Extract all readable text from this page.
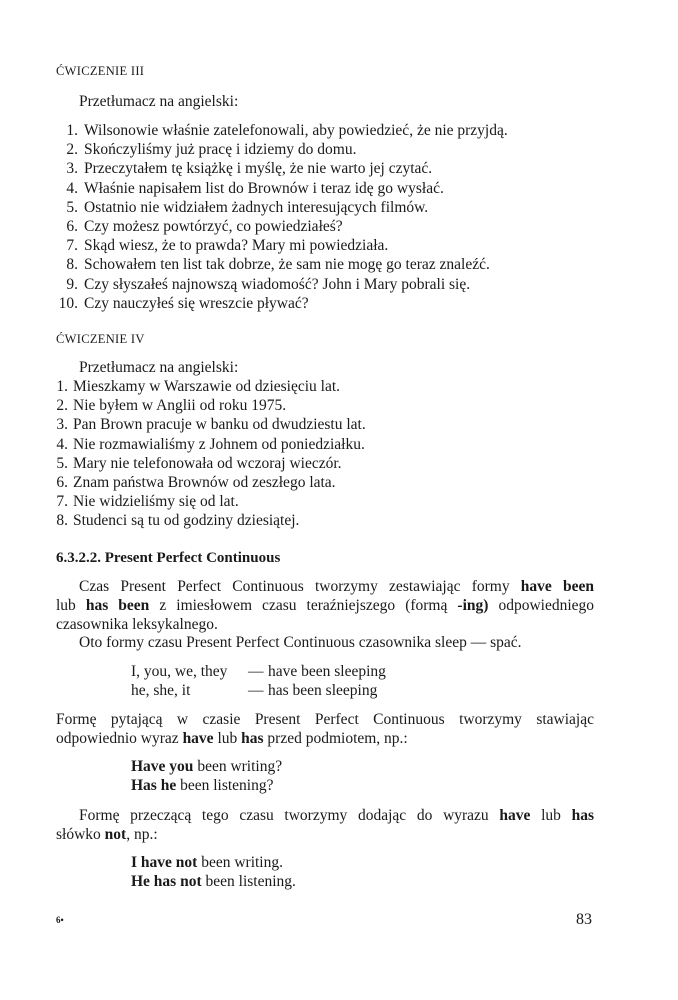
ĆWICZENIE III
Przetłumacz na angielski:
1. Wilsonowie właśnie zatelefonowali, aby powiedzieć, że nie przyjdą.
2. Skończyliśmy już pracę i idziemy do domu.
3. Przeczytałem tę książkę i myślę, że nie warto jej czytać.
4. Właśnie napisałem list do Brownów i teraz idę go wysłać.
5. Ostatnio nie widziałem żadnych interesujących filmów.
6. Czy możesz powtórzyć, co powiedziałeś?
7. Skąd wiesz, że to prawda? Mary mi powiedziała.
8. Schowałem ten list tak dobrze, że sam nie mogę go teraz znaleźć.
9. Czy słyszałeś najnowszą wiadomość? John i Mary pobrali się.
10. Czy nauczyłeś się wreszcie pływać?
ĆWICZENIE IV
Przetłumacz na angielski:
1. Mieszkamy w Warszawie od dziesięciu lat.
2. Nie byłem w Anglii od roku 1975.
3. Pan Brown pracuje w banku od dwudziestu lat.
4. Nie rozmawialiśmy z Johnem od poniedziałku.
5. Mary nie telefonowała od wczoraj wieczór.
6. Znam państwa Brownów od zeszłego lata.
7. Nie widzieliśmy się od lat.
8. Studenci są tu od godziny dziesiątej.
6.3.2.2. Present Perfect Continuous
Czas Present Perfect Continuous tworzymy zestawiając formy have been
lub has been z imiesłowem czasu teraźniejszego (formą -ing) odpowiedniego
czasownika leksykalnego.
Oto formy czasu Present Perfect Continuous czasownika sleep — spać.
I, you, we, they — have been sleeping
he, she, it	— has been sleeping
Formę pytającą w czasie Present Perfect Continuous tworzymy stawiając
odpowiednio wyraz have lub has przed podmiotem, np.:
Have you been writing?
Has he been listening?
Formę przeczącą tego czasu tworzymy dodając do wyrazu have lub has
słówko not, np.:
I have not been writing.
He has not been listening.
6•	83
